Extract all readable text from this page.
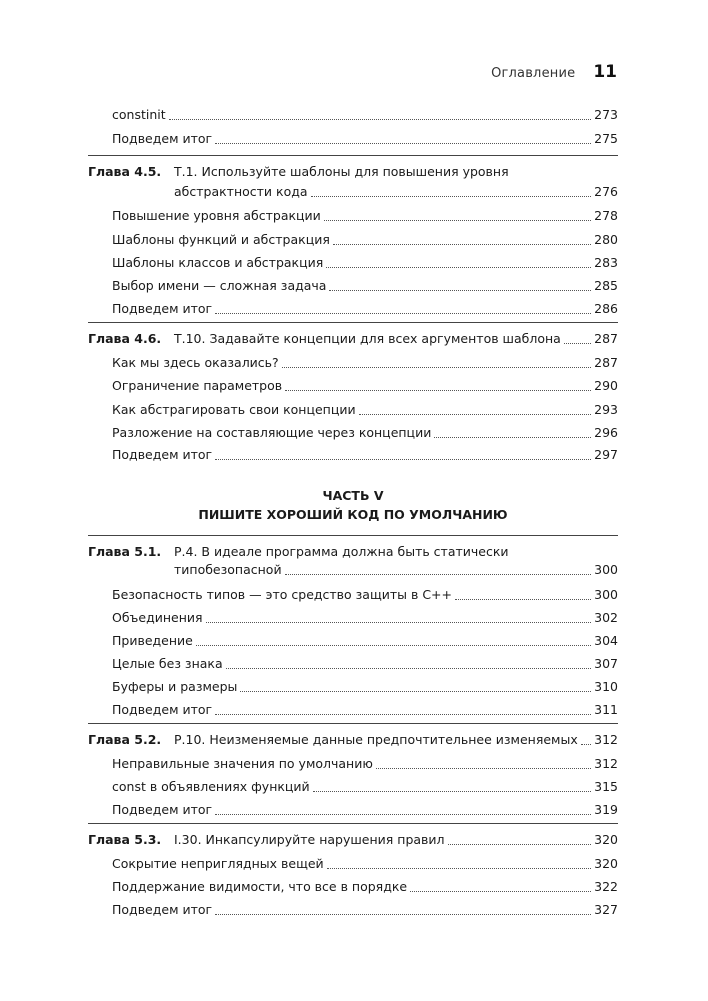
Оглавление 11
constinit	273
Подведем итог	275
Глава 4.5. Т.1. Используйте шаблоны для повышения уровня
абстрактности кода	276
Повышение уровня абстракции	278
Шаблоны функций и абстракция	280
Шаблоны классов и абстракция	283
Выбор имени — сложная задача	285
Подведем итог	286
Глава 4.6. Т.10. Задавайте концепции для всех аргументов шаблона	287
Как мы здесь оказались?	287
Ограничение параметров	290
Как абстрагировать свои концепции	293
Разложение на составляющие через концепции	296
Подведем итог	297
ЧАСТЬ V
ПИШИТЕ ХОРОШИЙ КОД ПО УМОЛЧАНИЮ
Глава 5.1. Р.4. В идеале программа должна быть статически
типобезопасной	300
Безопасность типов — это средство защиты в С++	300
Объединения	302
Приведение	304
Целые без знака	307
Буферы и размеры	310
Подведем итог	311
Глава 5.2. Р.10. Неизменяемые данные предпочтительнее изменяемых 312
Неправильные значения по умолчанию	312
const в объявлениях функций	315
Подведем итог	319
Глава 5.3. I.30. Инкапсулируйте нарушения правил	320
Сокрытие неприглядных вещей	320
Поддержание видимости, что все в порядке	322
Подведем итог	327
